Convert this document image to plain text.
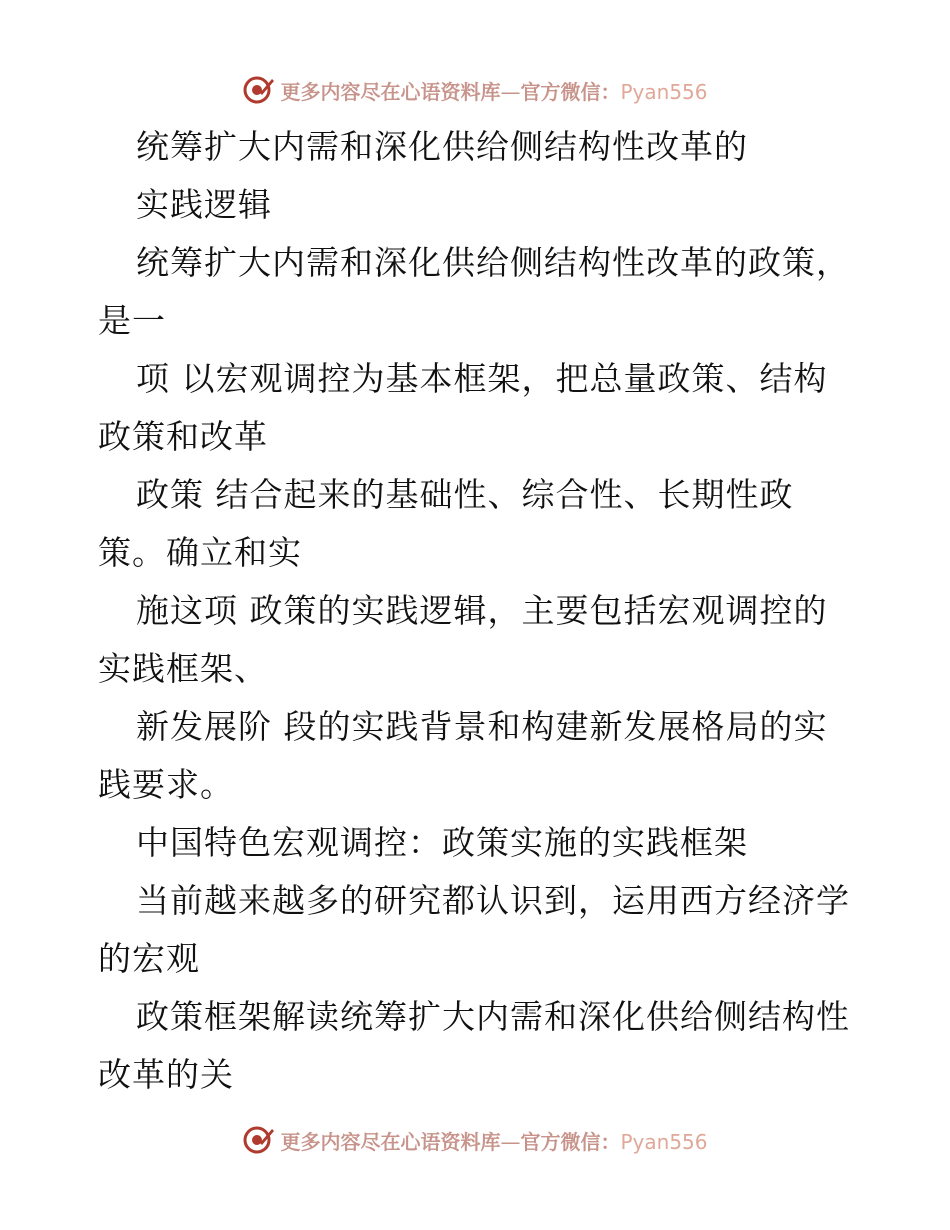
更多内容尽在心语资料库—官方微信：Pyan556
统筹扩大内需和深化供给侧结构性改革的
实践逻辑
统筹扩大内需和深化供给侧结构性改革的政策，
是一
项 以宏观调控为基本框架，把总量政策、结构
政策和改革
政策 结合起来的基础性、综合性、长期性政
策。确立和实
施这项 政策的实践逻辑，主要包括宏观调控的
实践框架、
新发展阶 段的实践背景和构建新发展格局的实
践要求。
中国特色宏观调控：政策实施的实践框架
当前越来越多的研究都认识到，运用西方经济学
的宏观
政策框架解读统筹扩大内需和深化供给侧结构性
改革的关
更多内容尽在心语资料库—官方微信：Pyan556
